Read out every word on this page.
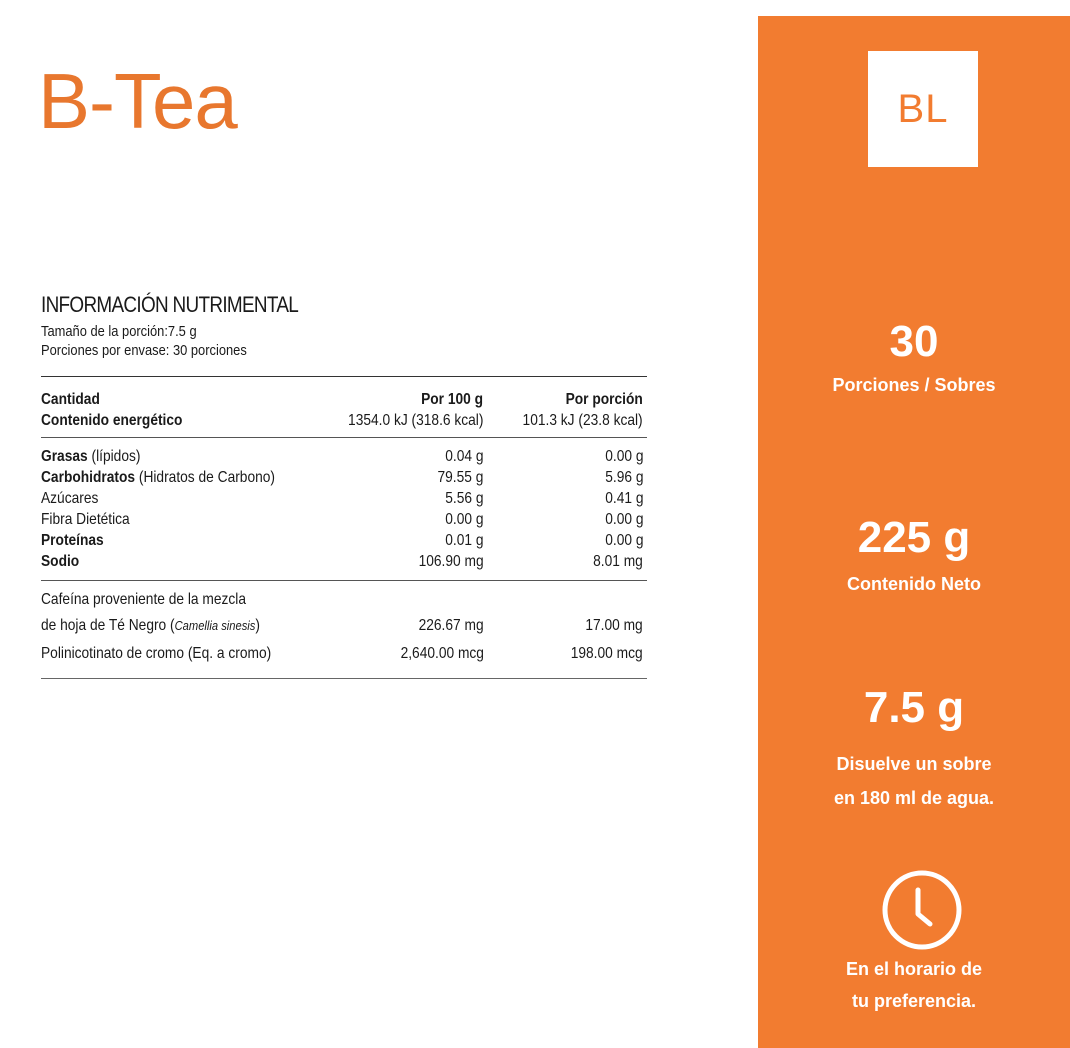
B-Tea
INFORMACIÓN NUTRIMENTAL
Tamaño de la porción:7.5 g
Porciones por envase: 30 porciones
Cantidad	Por 100 g	Por porción
Contenido energético	1354.0 kJ (318.6 kcal)	101.3 kJ (23.8 kcal)
Grasas (lípidos)	0.04 g	0.00 g
Carbohidratos (Hidratos de Carbono)	79.55 g	5.96 g
Azúcares	5.56 g	0.41 g
Fibra Dietética	0.00 g	0.00 g
Proteínas	0.01 g	0.00 g
Sodio	106.90 mg	8.01 mg
Cafeína proveniente de la mezcla		
de hoja de Té Negro (Camellia sinesis)	226.67 mg	17.00 mg
Polinicotinato de cromo (Eq. a cromo)	2,640.00 mcg	198.00 mcg
BL
30
Porciones / Sobres
225 g
Contenido Neto
7.5 g
Disuelve un sobre
en 180 ml de agua.
En el horario de
tu preferencia.
